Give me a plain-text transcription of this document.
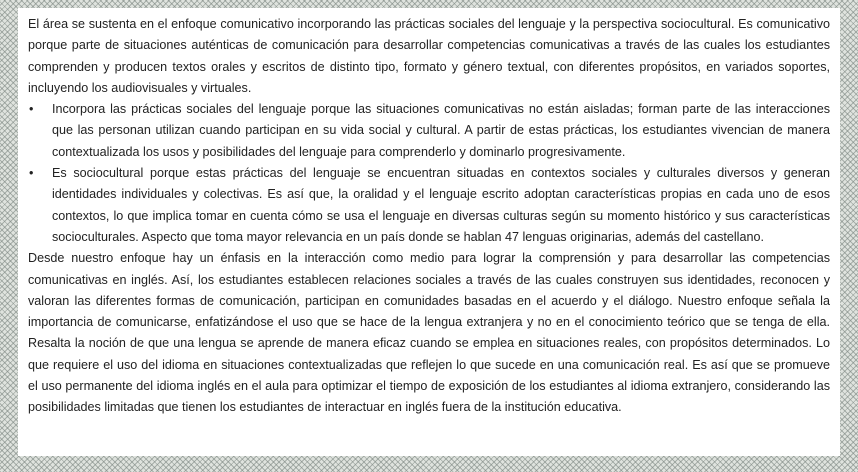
El área se sustenta en el enfoque comunicativo incorporando las prácticas sociales del lenguaje y la perspectiva sociocultural. Es comunicativo porque parte de situaciones auténticas de comunicación para desarrollar competencias comunicativas a través de las cuales los estudiantes comprenden y producen textos orales y escritos de distinto tipo, formato y género textual, con diferentes propósitos, en variados soportes, incluyendo los audiovisuales y virtuales.

• Incorpora las prácticas sociales del lenguaje porque las situaciones comunicativas no están aisladas; forman parte de las interacciones que las personan utilizan cuando participan en su vida social y cultural. A partir de estas prácticas, los estudiantes vivencian de manera contextualizada los usos y posibilidades del lenguaje para comprenderlo y dominarlo progresivamente.
• Es sociocultural porque estas prácticas del lenguaje se encuentran situadas en contextos sociales y culturales diversos y generan identidades individuales y colectivas. Es así que, la oralidad y el lenguaje escrito adoptan características propias en cada uno de esos contextos, lo que implica tomar en cuenta cómo se usa el lenguaje en diversas culturas según su momento histórico y sus características socioculturales. Aspecto que toma mayor relevancia en un país donde se hablan 47 lenguas originarias, además del castellano.

Desde nuestro enfoque hay un énfasis en la interacción como medio para lograr la comprensión y para desarrollar las competencias comunicativas en inglés. Así, los estudiantes establecen relaciones sociales a través de las cuales construyen sus identidades, reconocen y valoran las diferentes formas de comunicación, participan en comunidades basadas en el acuerdo y el diálogo. Nuestro enfoque señala la importancia de comunicarse, enfatizándose el uso que se hace de la lengua extranjera y no en el conocimiento teórico que se tenga de ella. Resalta la noción de que una lengua se aprende de manera eficaz cuando se emplea en situaciones reales, con propósitos determinados. Lo que requiere el uso del idioma en situaciones contextualizadas que reflejen lo que sucede en una comunicación real. Es así que se promueve el uso permanente del idioma inglés en el aula para optimizar el tiempo de exposición de los estudiantes al idioma extranjero, considerando las posibilidades limitadas que tienen los estudiantes de interactuar en inglés fuera de la institución educativa.
